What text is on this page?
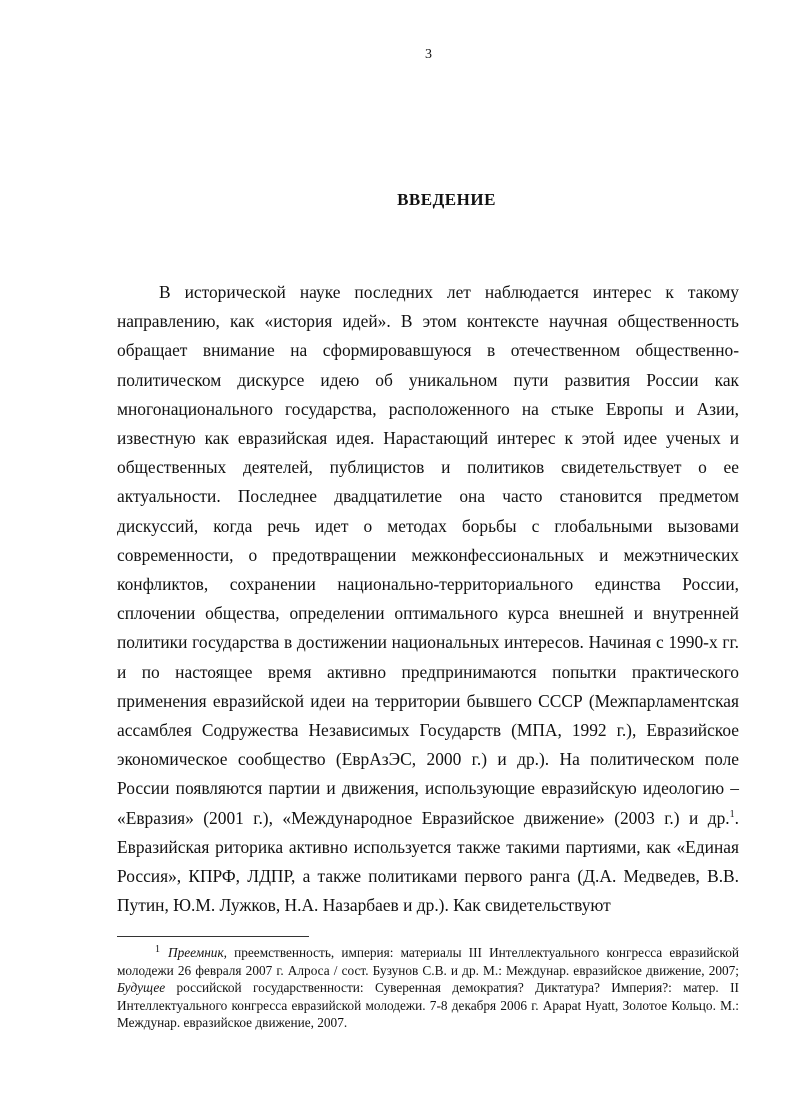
3
ВВЕДЕНИЕ

В исторической науке последних лет наблюдается интерес к такому направлению, как «история идей». В этом контексте научная общественность обращает внимание на сформировавшуюся в отечественном общественно-политическом дискурсе идею об уникальном пути развития России как многонационального государства, расположенного на стыке Европы и Азии, известную как евразийская идея. Нарастающий интерес к этой идее ученых и общественных деятелей, публицистов и политиков свидетельствует о ее актуальности. Последнее двадцатилетие она часто становится предметом дискуссий, когда речь идет о методах борьбы с глобальными вызовами современности, о предотвращении межконфессиональных и межэтнических конфликтов, сохранении национально-территориального единства России, сплочении общества, определении оптимального курса внешней и внутренней политики государства в достижении национальных интересов. Начиная с 1990-х гг. и по настоящее время активно предпринимаются попытки практического применения евразийской идеи на территории бывшего СССР (Межпарламентская ассамблея Содружества Независимых Государств (МПА, 1992 г.), Евразийское экономическое сообщество (ЕврАзЭС, 2000 г.) и др.). На политическом поле России появляются партии и движения, использующие евразийскую идеологию – «Евразия» (2001 г.), «Международное Евразийское движение» (2003 г.) и др.$^1$. Евразийская риторика активно используется также такими партиями, как «Единая Россия», КПРФ, ЛДПР, а также политиками первого ранга (Д.А. Медведев, В.В. Путин, Ю.М. Лужков, Н.А. Назарбаев и др.). Как свидетельствуют

$^1$ Преемник, преемственность, империя: материалы III Интеллектуального конгресса евразийской молодежи 26 февраля 2007 г. Алроса / сост. Бузунов С.В. и др. М.: Междунар. евразийское движение, 2007; Будущее российской государственности: Суверенная демократия? Диктатура? Империя?: матер. II Интеллектуального конгресса евразийской молодежи. 7-8 декабря 2006 г. Apapat Hyatt, Золотое Кольцо. М.: Междунар. евразийское движение, 2007.
